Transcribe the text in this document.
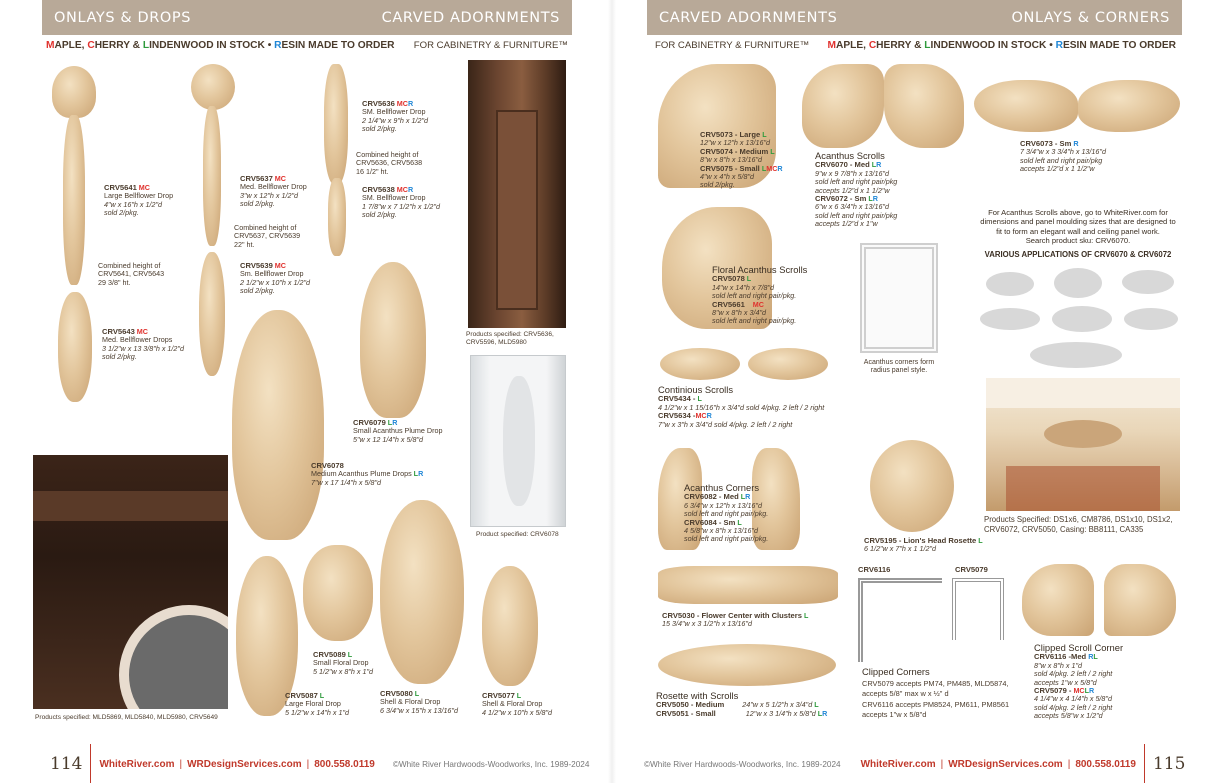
ONLAYS & DROPS	CARVED ADORNMENTS
MAPLE, CHERRY & LINDENWOOD IN STOCK • RESIN MADE TO ORDER FOR CABINETRY & FURNITURE™
CRV5641 MC
Large Bellflower Drop
4"w x 16"h x 1/2"d
sold 2/pkg.
Combined height of
CRV5641, CRV5643
29 3/8" ht.
CRV5643 MC
Med. Bellflower Drops
3 1/2"w x 13 3/8"h x 1/2"d
sold 2/pkg.
CRV5637 MC
Med. Bellflower Drop
3"w x 12"h x 1/2"d
sold 2/pkg.
Combined height of
CRV5637, CRV5639
22" ht.
CRV5639 MC
Sm. Bellflower Drop
2 1/2"w x 10"h x 1/2"d
sold 2/pkg.
CRV5636 MCR
SM. Bellflower Drop
2 1/4"w x 9"h x 1/2"d
sold 2/pkg.
Combined height of
CRV5636, CRV5638
16 1/2" ht.
CRV5638 MCR
SM. Bellflower Drop
1 7/8"w x 7 1/2"h x 1/2"d
sold 2/pkg.
CRV6079 LR
Small Acanthus Plume Drop
5"w x 12 1/4"h x 5/8"d
CRV6078
Medium Acanthus Plume Drops LR
7"w x 17 1/4"h x 5/8"d
Products specified: CRV5636, CRV5596, MLD5980
Product specified: CRV6078
Products specified: MLD5869, MLD5840, MLD5980, CRV5649
CRV5087 L
Large Floral Drop
5 1/2"w x 14"h x 1"d
CRV5089 L
Small Floral Drop
5 1/2"w x 8"h x 1"d
CRV5080 L
Shell & Floral Drop
6 3/4"w x 15"h x 13/16"d
CRV5077 L
Shell & Floral Drop
4 1/2"w x 10"h x 5/8"d
114 WhiteRiver.com | WRDesignServices.com | 800.558.0119 ©White River Hardwoods-Woodworks, Inc. 1989-2024
CARVED ADORNMENTS	ONLAYS & CORNERS
FOR CABINETRY & FURNITURE™ MAPLE, CHERRY & LINDENWOOD IN STOCK • RESIN MADE TO ORDER
CRV5073 - Large L
12"w x 12"h x 13/16"d
CRV5074 - Medium L
8"w x 8"h x 13/16"d
CRV5075 - Small LMCR
4"w x 4"h x 5/8"d
sold 2/pkg.
Acanthus Scrolls
CRV6070 - Med LR
9"w x 9 7/8"h x 13/16"d
sold left and right pair/pkg
accepts 1/2"d x 1 1/2"w
CRV6072 - Sm LR
6"w x 6 3/4"h x 13/16"d
sold left and right pair/pkg
accepts 1/2"d x 1"w
CRV6073 - Sm R
7 3/4"w x 3 3/4"h x 13/16"d
sold left and right pair/pkg
accepts 1/2"d x 1 1/2"w
For Acanthus Scrolls above, go to WhiteRiver.com for
dimensions and panel moulding sizes that are designed to
fit to form an elegant wall and ceiling panel work.
Search product sku: CRV6070.
VARIOUS APPLICATIONS OF CRV6070 & CRV6072
Floral Acanthus Scrolls
CRV5078 L
14"w x 14"h x 7/8"d
sold left and right pair/pkg.
CRV5661 MC
8"w x 8"h x 3/4"d
sold left and right pair/pkg.
Acanthus corners form radius panel style.
Continious Scrolls
CRV5434 - L
4 1/2"w x 1 15/16"h x 3/4"d sold 4/pkg. 2 left / 2 right
CRV5634 -MCR
7"w x 3"h x 3/4"d sold 4/pkg. 2 left / 2 right
Acanthus Corners
CRV6082 - Med LR
6 3/4"w x 12"h x 13/16"d
sold left and right pair/pkg.
CRV6084 - Sm L
4 5/8"w x 8"h x 13/16"d
sold left and right pair/pkg.	CRV5195 - Lion's Head Rosette L
6 1/2"w x 7"h x 1 1/2"d
Products Specified: DS1x6, CM8786, DS1x10, DS1x2, CRV6072, CRV5050, Casing: BB8111, CA335
CRV5030 - Flower Center with Clusters L
15 3/4"w x 3 1/2"h x 13/16"d
Rosette with Scrolls
CRV5050 - Medium 24"w x 5 1/2"h x 3/4"d L
CRV5051 - Small	12"w x 3 1/4"h x 5/8"d LR
CRV6116	CRV5079
Clipped Corners
CRV5079 accepts PM74, PM485, MLD5874,
accepts 5/8" max w x ½" d
CRV6116 accepts PM8524, PM611, PM8561
accepts 1"w x 5/8"d
Clipped Scroll Corner
CRV6116 -Med RL
8"w x 8"h x 1"d
sold 4/pkg. 2 left / 2 right
accepts 1"w x 5/8"d
CRV5079 - MCLR
4 1/4"w x 4 1/4"h x 5/8"d
sold 4/pkg. 2 left / 2 right
accepts 5/8"w x 1/2"d
©White River Hardwoods-Woodworks, Inc. 1989-2024 WhiteRiver.com | WRDesignServices.com | 800.558.0119 115
